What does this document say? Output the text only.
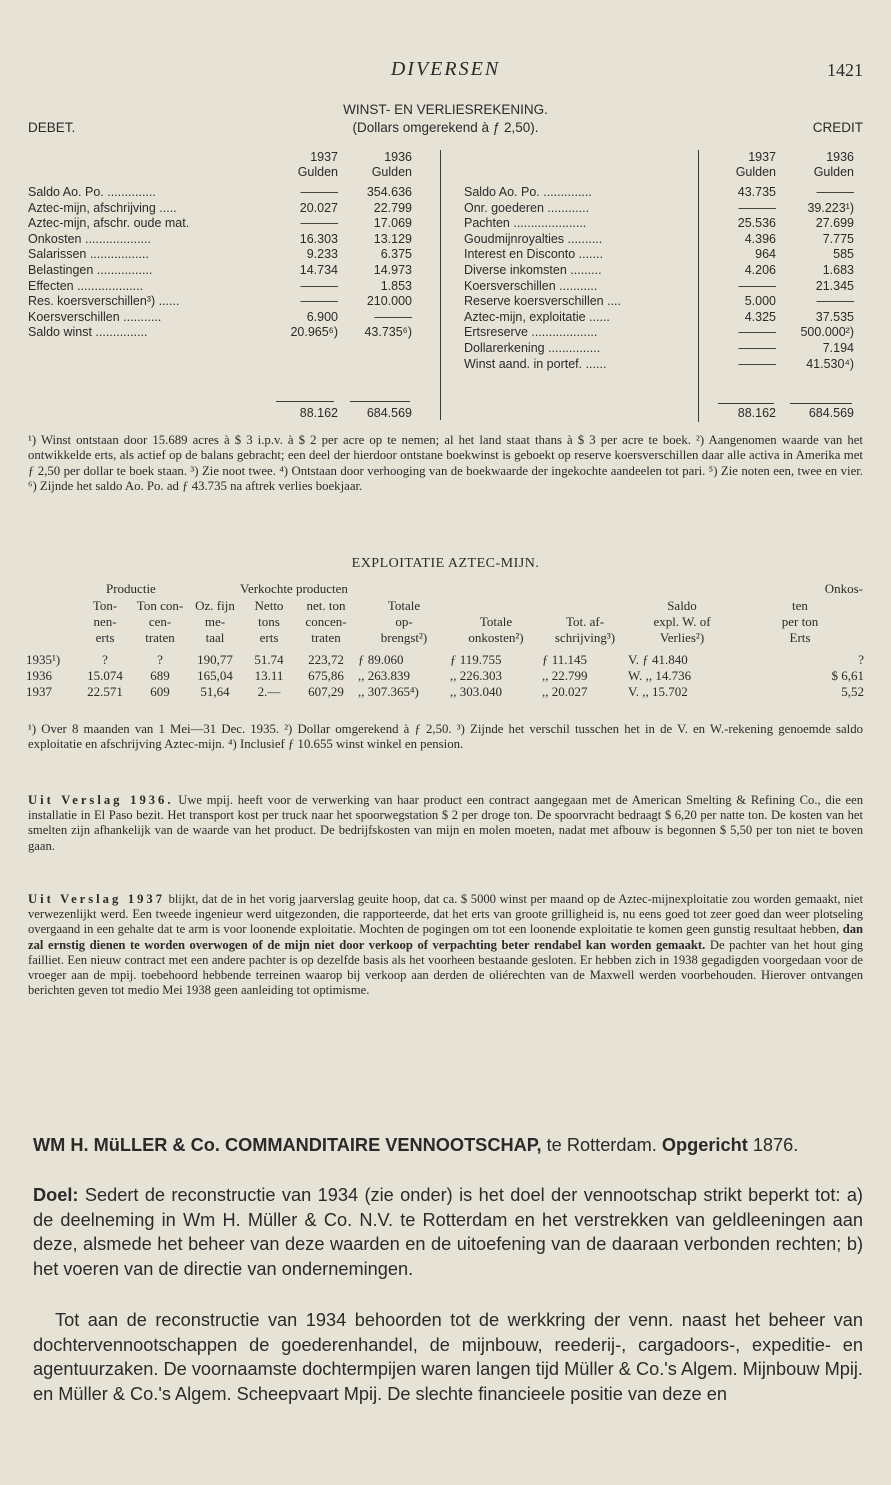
DIVERSEN	1421
WINST- EN VERLIESREKENING.
DEBET.	(Dollars omgerekend à ƒ 2,50).	CREDIT
1937	1936
Gulden	Gulden
1937	1936
Gulden	Gulden
Saldo Ao. Po. ..............	———	354.636
Aztec-mijn, afschrijving .....	20.027	22.799
Aztec-mijn, afschr. oude mat.	———	17.069
Onkosten ...................	16.303	13.129
Salarissen .................	9.233	6.375
Belastingen ................	14.734	14.973
Effecten ...................	———	1.853
Res. koersverschillen³) ......	———	210.000
Koersverschillen ...........	6.900	———
Saldo winst ...............	20.965⁶)	43.735⁶)
Saldo Ao. Po. ..............	43.735	———
Onr. goederen ............	———	39.223¹)
Pachten .....................	25.536	27.699
Goudmijnroyalties ..........	4.396	7.775
Interest en Disconto .......	964	585
Diverse inkomsten .........	4.206	1.683
Koersverschillen ...........	———	21.345
Reserve koersverschillen ....	5.000	———
Aztec-mijn, exploitatie ......	4.325	37.535
Ertsreserve ...................	———	500.000²)
Dollarerkening ...............	———	7.194
Winst aand. in portef. ......	———	41.530⁴)
88.162	684.569	88.162	684.569
¹) Winst ontstaan door 15.689 acres à $ 3 i.p.v. à $ 2 per acre op te nemen; al het land staat thans à $ 3 per acre te boek. ²) Aangenomen waarde van het ontwikkelde erts, als actief op de balans gebracht; een deel der hierdoor ontstane boekwinst is geboekt op reserve koersverschillen daar alle activa in Amerika met ƒ 2,50 per dollar te boek staan. ³) Zie noot twee. ⁴) Ontstaan door verhooging van de boekwaarde der ingekochte aandeelen tot pari. ⁵) Zie noten een, twee en vier. ⁶) Zijnde het saldo Ao. Po. ad ƒ 43.735 na aftrek verlies boekjaar.
EXPLOITATIE AZTEC-MIJN.
Productie	Verkochte producten	Onkos-
	Ton-	Ton con-	Oz. fijn	Netto	net. ton	Totale			Saldo	ten
	nen-	cen-	me-	tons	concen-	op-	Totale	Tot. af-	expl. W. of	per ton
	erts	traten	taal	erts	traten	brengst²)	onkosten²)	schrijving³)	Verlies²)	Erts
1935¹)	?	?	190,77	51.74	223,72	ƒ 89.060	ƒ 119.755	ƒ 11.145	V. ƒ 41.840	?
1936	15.074	689	165,04	13.11	675,86	,, 263.839	,, 226.303	,, 22.799	W. ,, 14.736	$ 6,61
1937	22.571	609	51,64	2.—	607,29	,, 307.365⁴)	,, 303.040	,, 20.027	V. ,, 15.702	5,52
¹) Over 8 maanden van 1 Mei—31 Dec. 1935. ²) Dollar omgerekend à ƒ 2,50. ³) Zijnde het verschil tusschen het in de V. en W.-rekening genoemde saldo exploitatie en afschrijving Aztec-mijn. ⁴) Inclusief ƒ 10.655 winst winkel en pension.
Uit Verslag 1936. Uwe mpij. heeft voor de verwerking van haar product een contract aangegaan met de American Smelting & Refining Co., die een installatie in El Paso bezit. Het transport kost per truck naar het spoorwegstation $ 2 per droge ton. De spoorvracht bedraagt $ 6,20 per natte ton. De kosten van het smelten zijn afhankelijk van de waarde van het product. De bedrijfskosten van mijn en molen moeten, nadat met afbouw is begonnen $ 5,50 per ton niet te boven gaan.
Uit Verslag 1937 blijkt, dat de in het vorig jaarverslag geuite hoop, dat ca. $ 5000 winst per maand op de Aztec-mijnexploitatie zou worden gemaakt, niet verwezenlijkt werd. Een tweede ingenieur werd uitgezonden, die rapporteerde, dat het erts van groote grilligheid is, nu eens goed tot zeer goed dan weer plotseling overgaand in een gehalte dat te arm is voor loonende exploitatie. Mochten de pogingen om tot een loonende exploitatie te komen geen gunstig resultaat hebben, dan zal ernstig dienen te worden overwogen of de mijn niet door verkoop of verpachting beter rendabel kan worden gemaakt. De pachter van het hout ging failliet. Een nieuw contract met een andere pachter is op dezelfde basis als het voorheen bestaande gesloten. Er hebben zich in 1938 gegadigden voorgedaan voor de vroeger aan de mpij. toebehoord hebbende terreinen waarop bij verkoop aan derden de oliérechten van de Maxwell werden voorbehouden. Hierover ontvangen berichten geven tot medio Mei 1938 geen aanleiding tot optimisme.
WM H. MüLLER & Co. COMMANDITAIRE VENNOOTSCHAP, te Rotterdam. Opgericht 1876.
Doel: Sedert de reconstructie van 1934 (zie onder) is het doel der vennootschap strikt beperkt tot: a) de deelneming in Wm H. Müller & Co. N.V. te Rotterdam en het verstrekken van geldleeningen aan deze, alsmede het beheer van deze waarden en de uitoefening van de daaraan verbonden rechten; b) het voeren van de directie van ondernemingen.
Tot aan de reconstructie van 1934 behoorden tot de werkkring der venn. naast het beheer van dochtervennootschappen de goederenhandel, de mijnbouw, reederij-, cargadoors-, expeditie- en agentuurzaken. De voornaamste dochtermpijen waren langen tijd Müller & Co.'s Algem. Mijnbouw Mpij. en Müller & Co.'s Algem. Scheepvaart Mpij. De slechte financieele positie van deze en
